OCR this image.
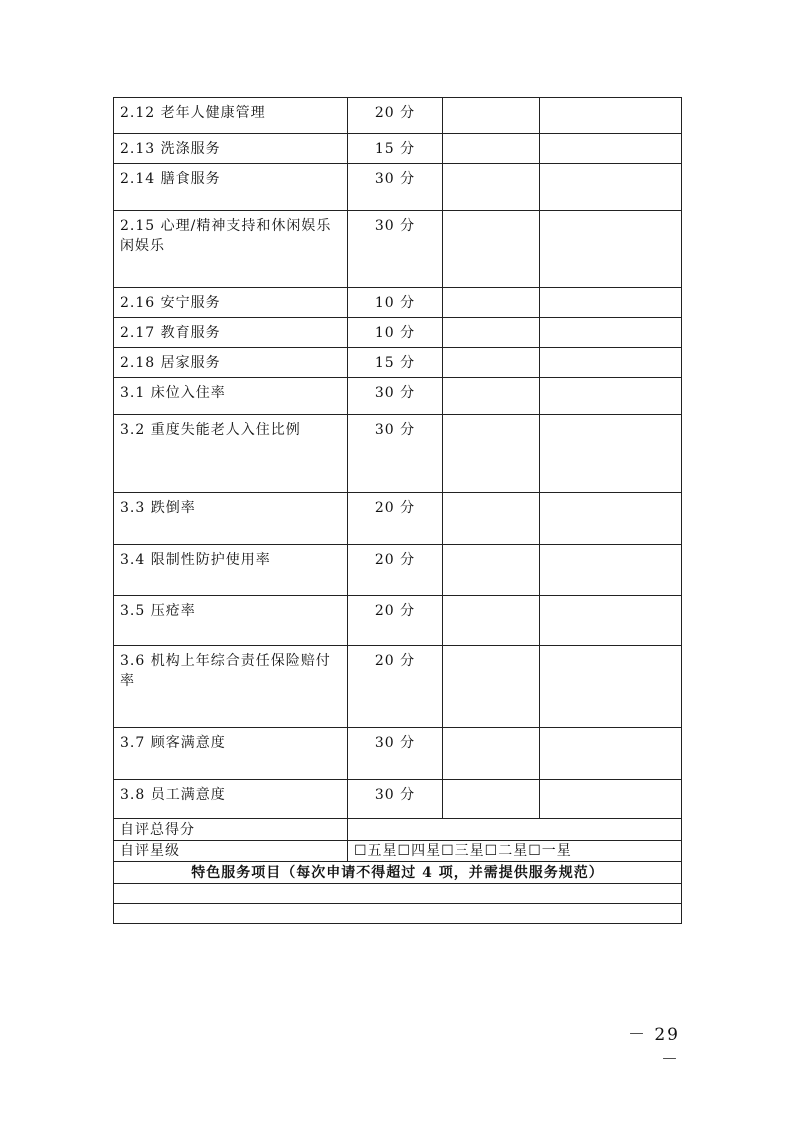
2.12 老年人健康管理	20 分		
2.13 洗涤服务	15 分		
2.14 膳食服务	30 分		
2.15 心理/精神支持和休闲娱乐闲娱乐	30 分		
2.16 安宁服务	10 分		
2.17 教育服务	10 分		
2.18 居家服务	15 分		
3.1 床位入住率	30 分		
3.2 重度失能老人入住比例	30 分		
3.3 跌倒率	20 分		
3.4 限制性防护使用率	20 分		
3.5 压疮率	20 分		
3.6 机构上年综合责任保险赔付率	20 分		
3.7 顾客满意度	30 分		
3.8 员工满意度	30 分		
自评总得分			
自评星级	☐五星☐四星☐三星☐二星☐一星		
特色服务项目（每次申请不得超过 4 项，并需提供服务规范）			

－ 29 －
